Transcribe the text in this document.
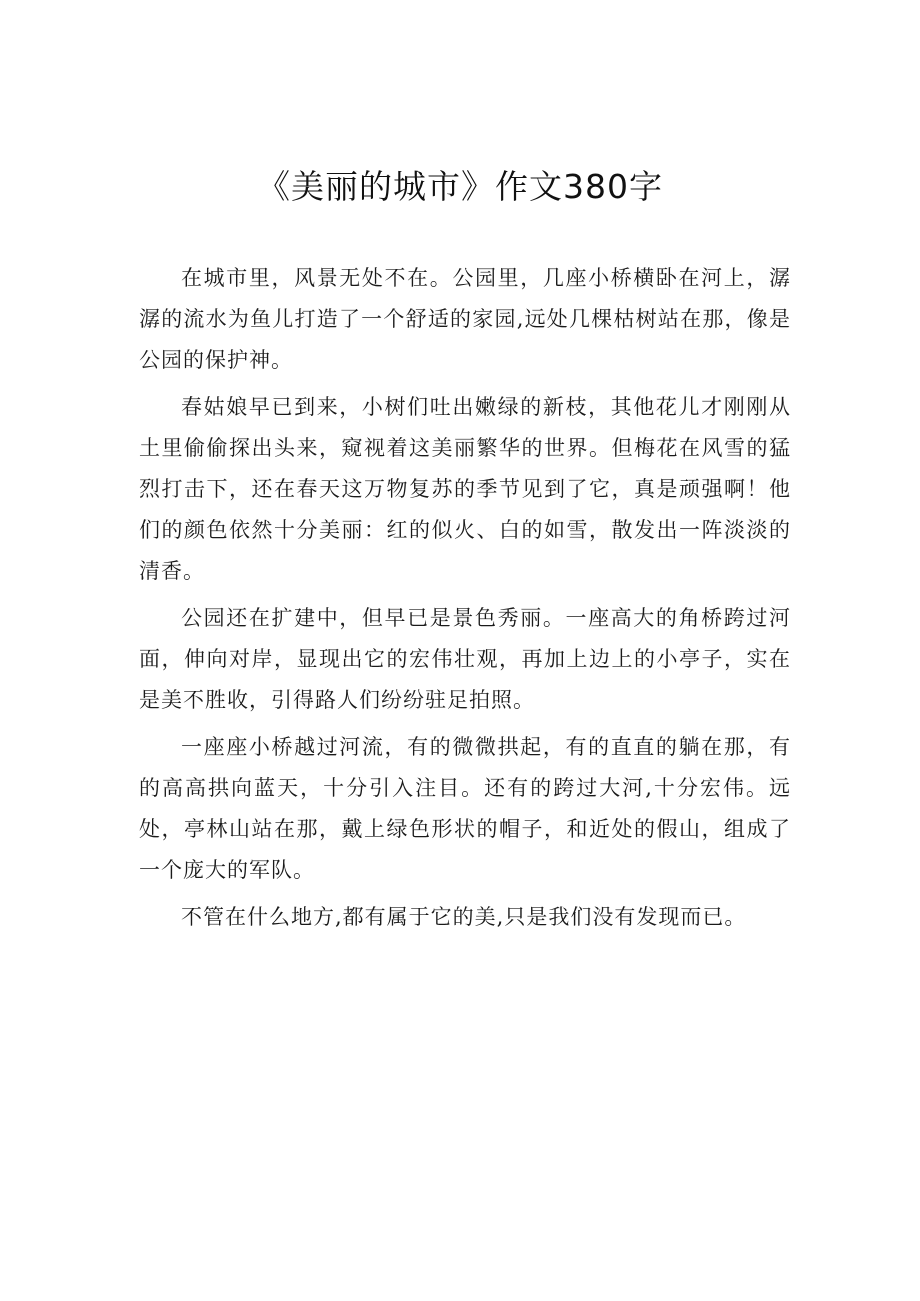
《美丽的城市》作文380字

在城市里，风景无处不在。公园里，几座小桥横卧在河上，潺潺的流水为鱼儿打造了一个舒适的家园,远处几棵枯树站在那，像是公园的保护神。

春姑娘早已到来，小树们吐出嫩绿的新枝，其他花儿才刚刚从土里偷偷探出头来，窥视着这美丽繁华的世界。但梅花在风雪的猛烈打击下，还在春天这万物复苏的季节见到了它，真是顽强啊！他们的颜色依然十分美丽：红的似火、白的如雪，散发出一阵淡淡的清香。

公园还在扩建中，但早已是景色秀丽。一座高大的角桥跨过河面，伸向对岸，显现出它的宏伟壮观，再加上边上的小亭子，实在是美不胜收，引得路人们纷纷驻足拍照。

一座座小桥越过河流，有的微微拱起，有的直直的躺在那，有的高高拱向蓝天，十分引入注目。还有的跨过大河,十分宏伟。远处，亭林山站在那，戴上绿色形状的帽子，和近处的假山，组成了一个庞大的军队。

不管在什么地方,都有属于它的美,只是我们没有发现而已。
